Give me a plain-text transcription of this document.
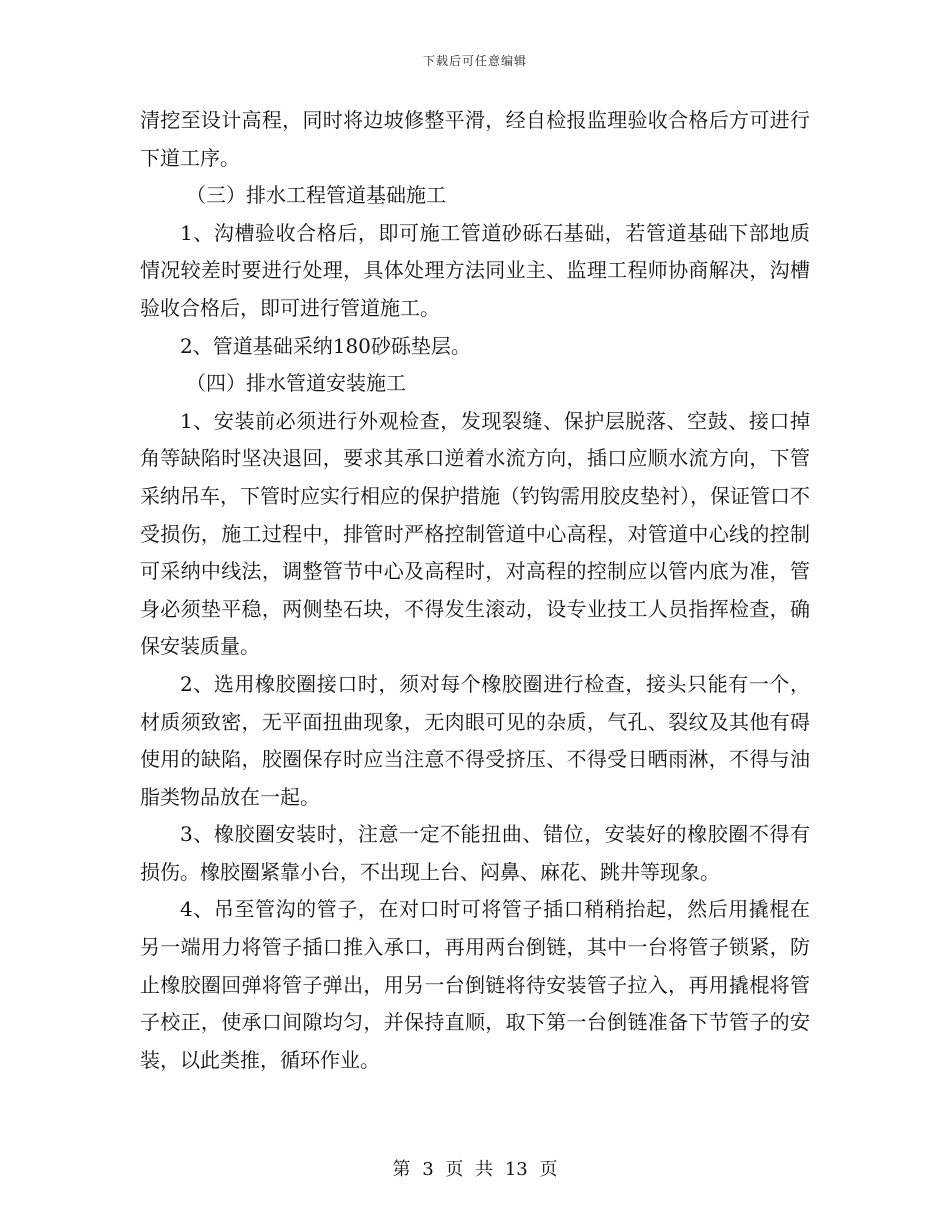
下载后可任意编辑

清挖至设计高程，同时将边坡修整平滑，经自检报监理验收合格后方可进行下道工序。

（三）排水工程管道基础施工

1、沟槽验收合格后，即可施工管道砂砾石基础，若管道基础下部地质情况较差时要进行处理，具体处理方法同业主、监理工程师协商解决，沟槽验收合格后，即可进行管道施工。

2、管道基础采纳180砂砾垫层。

（四）排水管道安装施工

1、安装前必须进行外观检查，发现裂缝、保护层脱落、空鼓、接口掉角等缺陷时坚决退回，要求其承口逆着水流方向，插口应顺水流方向，下管采纳吊车，下管时应实行相应的保护措施（钓钩需用胶皮垫衬），保证管口不受损伤，施工过程中，排管时严格控制管道中心高程，对管道中心线的控制可采纳中线法，调整管节中心及高程时，对高程的控制应以管内底为准，管身必须垫平稳，两侧垫石块，不得发生滚动，设专业技工人员指挥检查，确保安装质量。

2、选用橡胶圈接口时，须对每个橡胶圈进行检查，接头只能有一个，材质须致密，无平面扭曲现象，无肉眼可见的杂质，气孔、裂纹及其他有碍使用的缺陷，胶圈保存时应当注意不得受挤压、不得受日晒雨淋，不得与油脂类物品放在一起。

3、橡胶圈安装时，注意一定不能扭曲、错位，安装好的橡胶圈不得有损伤。橡胶圈紧靠小台，不出现上台、闷鼻、麻花、跳井等现象。

4、吊至管沟的管子，在对口时可将管子插口稍稍抬起，然后用撬棍在另一端用力将管子插口推入承口，再用两台倒链，其中一台将管子锁紧，防止橡胶圈回弹将管子弹出，用另一台倒链将待安装管子拉入，再用撬棍将管子校正，使承口间隙均匀，并保持直顺，取下第一台倒链准备下节管子的安装，以此类推，循环作业。

第 3 页 共 13 页
